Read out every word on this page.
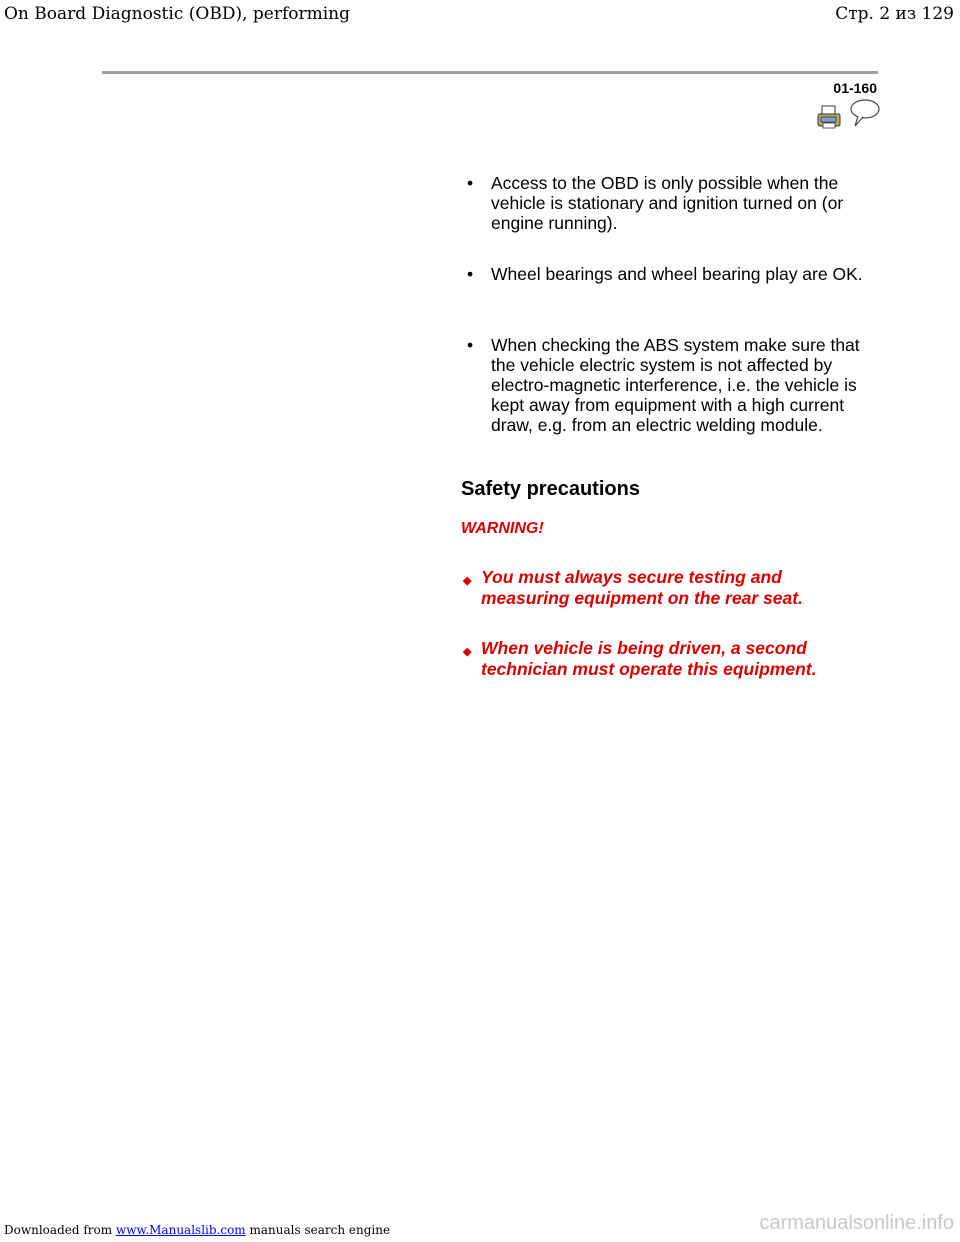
On Board Diagnostic (OBD), performing	Стр. 2 из 129
01-160
•	Access to the OBD is only possible when the vehicle is stationary and ignition turned on (or engine running).
•	Wheel bearings and wheel bearing play are OK.
•	When checking the ABS system make sure that the vehicle electric system is not affected by electro-magnetic interference, i.e. the vehicle is kept away from equipment with a high current draw, e.g. from an electric welding module.
Safety precautions
WARNING!
◆ You must always secure testing and measuring equipment on the rear seat.
◆ When vehicle is being driven, a second technician must operate this equipment.
Downloaded from www.Manualslib.com manuals search engine	carmanualsonline.info
